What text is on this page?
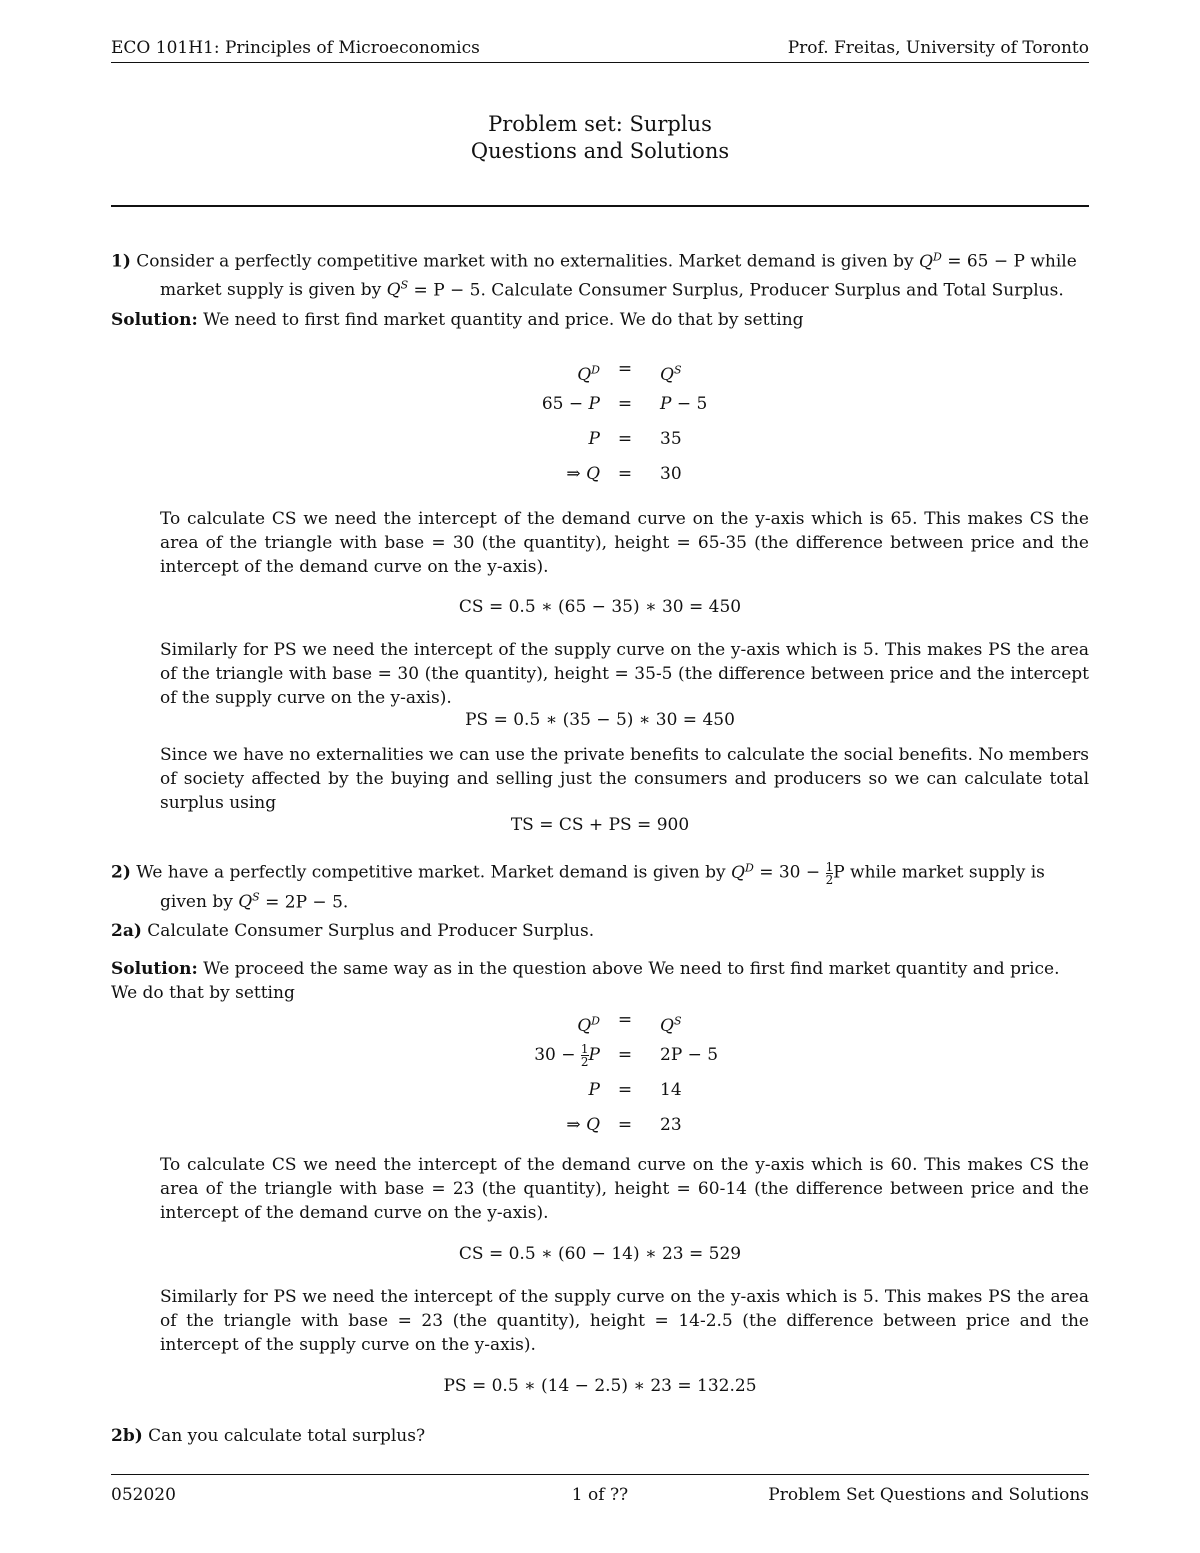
ECO 101H1: Principles of Microeconomics	Prof. Freitas, University of Toronto
Problem set: Surplus
Questions and Solutions
1) Consider a perfectly competitive market with no externalities. Market demand is given by $Q^D = 65 - P$ while
market supply is given by $Q^S = P - 5$. Calculate Consumer Surplus, Producer Surplus and Total Surplus.
Solution: We need to first find market quantity and price. We do that by setting
$Q^D$	=	$Q^S$
65 − P	=	P − 5
P	=	35
⇒ Q	=	30
To calculate CS we need the intercept of the demand curve on the y-axis which is 65. This makes CS the area of the triangle with base = 30 (the quantity), height = 65-35 (the difference between price and the intercept of the demand curve on the y-axis).
CS = 0.5 ∗ (65 − 35) ∗ 30 = 450
Similarly for PS we need the intercept of the supply curve on the y-axis which is 5. This makes PS the area of the triangle with base = 30 (the quantity), height = 35-5 (the difference between price and the intercept of the supply curve on the y-axis).
PS = 0.5 ∗ (35 − 5) ∗ 30 = 450
Since we have no externalities we can use the private benefits to calculate the social benefits. No members of society affected by the buying and selling just the consumers and producers so we can calculate total surplus using
TS = CS + PS = 900
2) We have a perfectly competitive market. Market demand is given by $Q^D = 30 - \frac{1}{2}$ P while market supply is
given by $Q^S = 2P - 5$.
2a) Calculate Consumer Surplus and Producer Surplus.
Solution: We proceed the same way as in the question above We need to first find market quantity and price. We do that by setting
$Q^D$	=	$Q^S$
$30 - \frac{1}{2}$ P	=	2P − 5
P	=	14
⇒ Q	=	23
To calculate CS we need the intercept of the demand curve on the y-axis which is 60. This makes CS the area of the triangle with base = 23 (the quantity), height = 60-14 (the difference between price and the intercept of the demand curve on the y-axis).
CS = 0.5 ∗ (60 − 14) ∗ 23 = 529
Similarly for PS we need the intercept of the supply curve on the y-axis which is 5. This makes PS the area of the triangle with base = 23 (the quantity), height = 14-2.5 (the difference between price and the intercept of the supply curve on the y-axis).
PS = 0.5 ∗ (14 − 2.5) ∗ 23 = 132.25
2b) Can you calculate total surplus?
052020	1 of ??	Problem Set Questions and Solutions
